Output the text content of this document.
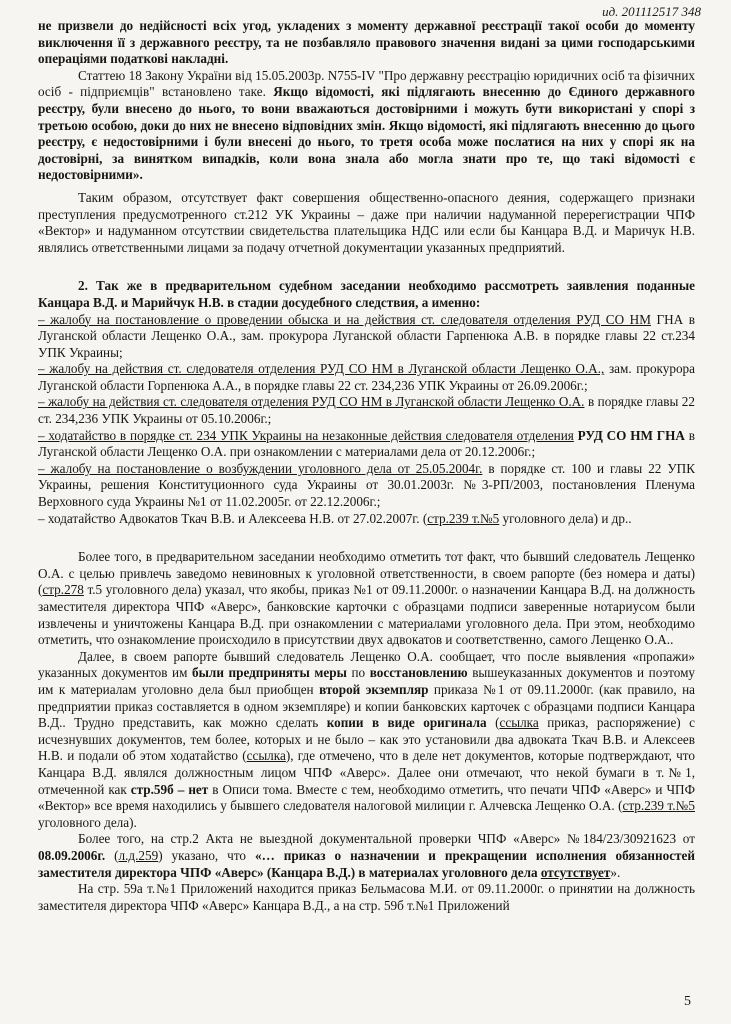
ид. 201112517 348

не призвели до недійсності всіх угод, укладених з моменту державної реєстрації такої особи до моменту виключення її з державного реєстру, та не позбавляло правового значення видані за цими господарськими операціями податкові накладні.

Статтею 18 Закону України від 15.05.2003р. N755-IV "Про державну реєстрацію юридичних осіб та фізичних осіб - підприємців" встановлено таке. Якщо відомості, які підлягають внесенню до Єдиного державного реєстру, були внесено до нього, то вони вважаються достовірними і можуть бути використані у спорі з третьою особою, доки до них не внесено відповідних змін. Якщо відомості, які підлягають внесенню до цього реєстру, є недостовірними і були внесені до нього, то третя особа може послатися на них у спорі як на достовірні, за винятком випадків, коли вона знала або могла знати про те, що такі відомості є недостовірними».

Таким образом, отсутствует факт совершения общественно-опасного деяния, содержащего признаки преступления предусмотренного ст.212 УК Украины – даже при наличии надуманной перерегистрации ЧПФ «Вектор» и надуманном отсутствии свидетельства плательщика НДС или если бы Канцара В.Д. и Маричук Н.В. являлись ответственными лицами за подачу отчетной документации указанных предприятий.

2. Так же в предварительном судебном заседании необходимо рассмотреть заявления поданные Канцара В.Д. и Марийчук Н.В. в стадии досудебного следствия, а именно:

– жалобу на постановление о проведении обыска и на действия ст. следователя отделения РУД СО НМ ГНА в Луганской области Лещенко О.А., зам. прокурора Луганской области Гарпенюка А.В. в порядке главы 22 ст.234 УПК Украины;

– жалобу на действия ст. следователя отделения РУД СО НМ в Луганской области Лещенко О.А., зам. прокурора Луганской области Горпенюка А.А., в порядке главы 22 ст. 234,236 УПК Украины от 26.09.2006г.;

– жалобу на действия ст. следователя отделения РУД СО НМ в Луганской области Лещенко О.А. в порядке главы 22 ст. 234,236 УПК Украины от 05.10.2006г.;

– ходатайство в порядке ст. 234 УПК Украины на незаконные действия следователя отделения РУД СО НМ ГНА в Луганской области Лещенко О.А. при ознакомлении с материалами дела от 20.12.2006г.;

– жалобу на постановление о возбуждении уголовного дела от 25.05.2004г. в порядке ст. 100 и главы 22 УПК Украины, решения Конституционного суда Украины от 30.01.2003г. №3-РП/2003, постановления Пленума Верховного суда Украины №1 от 11.02.2005г. от 22.12.2006г.;

– ходатайство Адвокатов Ткач В.В. и Алексеева Н.В. от 27.02.2007г. (стр.239 т.№5 уголовного дела) и др..

Более того, в предварительном заседании необходимо отметить тот факт, что бывший следователь Лещенко О.А. с целью привлечь заведомо невиновных к уголовной ответственности, в своем рапорте (без номера и даты) (стр.278 т.5 уголовного дела) указал, что якобы, приказ №1 от 09.11.2000г. о назначении Канцара В.Д. на должность заместителя директора ЧПФ «Аверс», банковские карточки с образцами подписи заверенные нотариусом были извлечены и уничтожены Канцара В.Д. при ознакомлении с материалами уголовного дела. При этом, необходимо отметить, что ознакомление происходило в присутствии двух адвокатов и соответственно, самого Лещенко О.А..

Далее, в своем рапорте бывший следователь Лещенко О.А. сообщает, что после выявления «пропажи» указанных документов им были предприняты меры по восстановлению вышеуказанных документов и поэтому им к материалам уголовно дела был приобщен второй экземпляр приказа №1 от 09.11.2000г. (как правило, на предприятии приказ составляется в одном экземпляре) и копии банковских карточек с образцами подписи Канцара В.Д.. Трудно представить, как можно сделать копии в виде оригинала (ссылка приказ, распоряжение) с исчезнувших документов, тем более, которых и не было – как это установили два адвоката Ткач В.В. и Алексеев Н.В. и подали об этом ходатайство (ссылка), где отмечено, что в деле нет документов, которые подтверждают, что Канцара В.Д. являлся должностным лицом ЧПФ «Аверс». Далее они отмечают, что некой бумаги в т.№1, отмеченной как стр.59б – нет в Описи тома. Вместе с тем, необходимо отметить, что печати ЧПФ «Аверс» и ЧПФ «Вектор» все время находились у бывшего следователя налоговой милиции г. Алчевска Лещенко О.А. (стр.239 т.№5 уголовного дела).

Более того, на стр.2 Акта не выездной документальной проверки ЧПФ «Аверс» №184/23/30921623 от 08.09.2006г. (л.д.259) указано, что «… приказ о назначении и прекращении исполнения обязанностей заместителя директора ЧПФ «Аверс» (Канцара В.Д.) в материалах уголовного дела отсутствует».

На стр. 59а т.№1 Приложений находится приказ Бельмасова М.И. от 09.11.2000г. о принятии на должность заместителя директора ЧПФ «Аверс» Канцара В.Д., а на стр. 59б т.№1 Приложений

5
